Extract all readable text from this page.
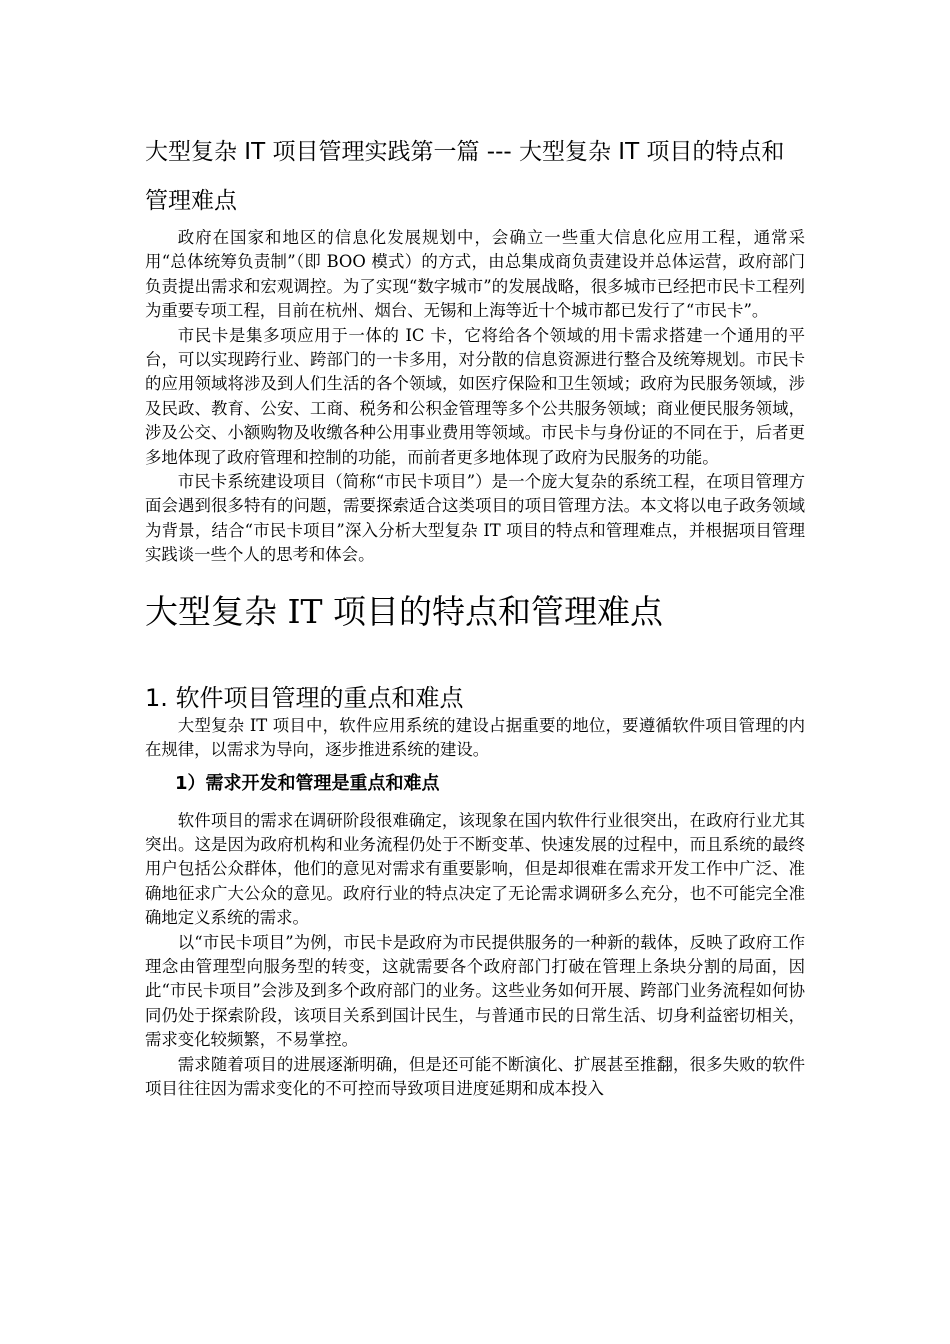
大型复杂 IT 项目管理实践第一篇 --- 大型复杂 IT 项目的特点和管理难点

政府在国家和地区的信息化发展规划中，会确立一些重大信息化应用工程，通常采用“总体统筹负责制”（即 BOO 模式）的方式，由总集成商负责建设并总体运营，政府部门负责提出需求和宏观调控。为了实现“数字城市”的发展战略，很多城市已经把市民卡工程列为重要专项工程，目前在杭州、烟台、无锡和上海等近十个城市都已发行了“市民卡”。

市民卡是集多项应用于一体的 IC 卡，它将给各个领域的用卡需求搭建一个通用的平台，可以实现跨行业、跨部门的一卡多用，对分散的信息资源进行整合及统筹规划。市民卡的应用领域将涉及到人们生活的各个领域，如医疗保险和卫生领域；政府为民服务领域，涉及民政、教育、公安、工商、税务和公积金管理等多个公共服务领域；商业便民服务领域，涉及公交、小额购物及收缴各种公用事业费用等领域。市民卡与身份证的不同在于，后者更多地体现了政府管理和控制的功能，而前者更多地体现了政府为民服务的功能。

市民卡系统建设项目（简称“市民卡项目”）是一个庞大复杂的系统工程，在项目管理方面会遇到很多特有的问题，需要探索适合这类项目的项目管理方法。本文将以电子政务领域为背景，结合“市民卡项目”深入分析大型复杂 IT 项目的特点和管理难点，并根据项目管理实践谈一些个人的思考和体会。

大型复杂 IT 项目的特点和管理难点
1. 软件项目管理的重点和难点

大型复杂 IT 项目中，软件应用系统的建设占据重要的地位，要遵循软件项目管理的内在规律，以需求为导向，逐步推进系统的建设。

1）需求开发和管理是重点和难点

软件项目的需求在调研阶段很难确定，该现象在国内软件行业很突出，在政府行业尤其突出。这是因为政府机构和业务流程仍处于不断变革、快速发展的过程中，而且系统的最终用户包括公众群体，他们的意见对需求有重要影响，但是却很难在需求开发工作中广泛、准确地征求广大公众的意见。政府行业的特点决定了无论需求调研多么充分，也不可能完全准确地定义系统的需求。

以“市民卡项目”为例，市民卡是政府为市民提供服务的一种新的载体，反映了政府工作理念由管理型向服务型的转变，这就需要各个政府部门打破在管理上条块分割的局面，因此“市民卡项目”会涉及到多个政府部门的业务。这些业务如何开展、跨部门业务流程如何协同仍处于探索阶段，该项目关系到国计民生，与普通市民的日常生活、切身利益密切相关，需求变化较频繁，不易掌控。

需求随着项目的进展逐渐明确，但是还可能不断演化、扩展甚至推翻，很多失败的软件项目往往因为需求变化的不可控而导致项目进度延期和成本投入
